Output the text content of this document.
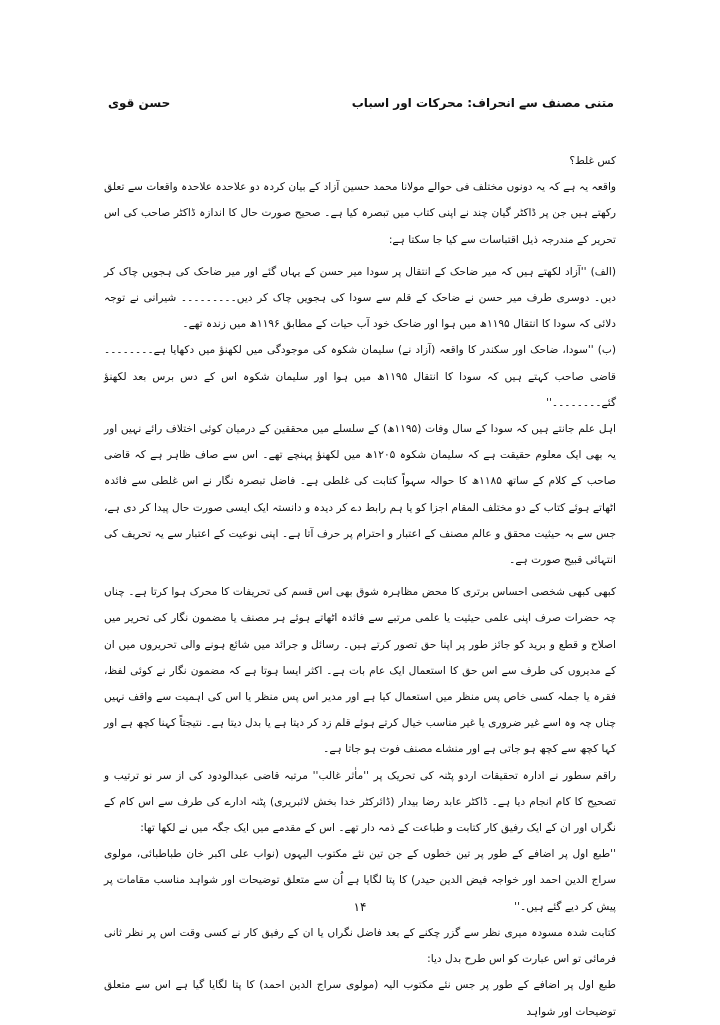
حسن قوی	متنی مصنف سے انحراف: محرکات اور اسباب

کس غلط؟

واقعہ یہ ہے کہ یہ دونوں مختلف فی حوالے مولانا محمد حسین آزاد کے بیان کردہ دو علاحدہ علاحدہ واقعات سے تعلق رکھتے ہیں جن پر ڈاکٹر گیان چند نے اپنی کتاب میں تبصرہ کیا ہے۔ صحیح صورت حال کا اندازہ ڈاکٹر صاحب کی اس تحریر کے مندرجہ ذیل اقتباسات سے کیا جا سکتا ہے:

(الف) ''آزاد لکھتے ہیں کہ میر ضاحک کے انتقال پر سودا میر حسن کے یہاں گئے اور میر ضاحک کی ہجویں چاک کر دیں۔ دوسری طرف میر حسن نے ضاحک کے قلم سے سودا کی ہجویں چاک کر دیں۔۔۔۔۔۔۔۔۔ شیرانی نے توجہ دلائی کہ سودا کا انتقال ۱۱۹۵ھ میں ہوا اور ضاحک خود آب حیات کے مطابق ۱۱۹۶ھ میں زندہ تھے۔

(ب) ''سودا، ضاحک اور سکندر کا واقعہ (آزاد نے) سلیمان شکوہ کی موجودگی میں لکھنؤ میں دکھایا ہے۔۔۔۔۔۔۔۔ قاضی صاحب کہتے ہیں کہ سودا کا انتقال ۱۱۹۵ھ میں ہوا اور سلیمان شکوہ اس کے دس برس بعد لکھنؤ گئے۔۔۔۔۔۔۔۔''

اہل علم جانتے ہیں کہ سودا کے سال وفات (۱۱۹۵ھ) کے سلسلے میں محققین کے درمیان کوئی اختلاف رائے نہیں اور یہ بھی ایک معلوم حقیقت ہے کہ سلیمان شکوہ ۱۲۰۵ھ میں لکھنؤ پہنچے تھے۔ اس سے صاف ظاہر ہے کہ قاضی صاحب کے کلام کے ساتھ ۱۱۸۵ھ کا حوالہ سہواً کتابت کی غلطی ہے۔ فاضل تبصرہ نگار نے اس غلطی سے فائدہ اٹھاتے ہوئے کتاب کے دو مختلف المقام اجزا کو یا ہم رابط دے کر دیدہ و دانستہ ایک ایسی صورت حال پیدا کر دی ہے، جس سے بہ حیثیت محقق و عالم مصنف کے اعتبار و احترام پر حرف آتا ہے۔ اپنی نوعیت کے اعتبار سے یہ تحریف کی انتہائی قبیح صورت ہے۔

کبھی کبھی شخصی احساس برتری کا محض مظاہرہ شوق بھی اس قسم کی تحریفات کا محرک ہوا کرتا ہے۔ چناں چہ حضرات صرف اپنی علمی حیثیت یا علمی مرتبے سے فائدہ اٹھاتے ہوئے ہر مصنف یا مضمون نگار کی تحریر میں اصلاح و قطع و برید کو جائز طور پر اپنا حق تصور کرتے ہیں۔ رسائل و جرائد میں شائع ہونے والی تحریروں میں ان کے مدیروں کی طرف سے اس حق کا استعمال ایک عام بات ہے۔ اکثر ایسا ہوتا ہے کہ مضمون نگار نے کوئی لفظ، فقرہ یا جملہ کسی خاص پس منظر میں استعمال کیا ہے اور مدیر اس پس منظر یا اس کی اہمیت سے واقف نہیں چناں چہ وہ اسے غیر ضروری یا غیر مناسب خیال کرتے ہوئے قلم زد کر دیتا ہے یا بدل دیتا ہے۔ نتیجتاً کہنا کچھ ہے اور کہا کچھ سے کچھ ہو جاتی ہے اور منشاے مصنف فوت ہو جاتا ہے۔

راقم سطور نے ادارہ تحقیقات اردو پٹنہ کی تحریک پر ''ماٰثر غالب'' مرتبہ قاضی عبدالودود کی از سر نو ترتیب و تصحیح کا کام انجام دیا ہے۔ ڈاکٹر عابد رضا بیدار (ڈائرکٹر خدا بخش لائبریری) پٹنہ ادارے کی طرف سے اس کام کے نگراں اور ان کے ایک رفیق کار کتابت و طباعت کے ذمہ دار تھے۔ اس کے مقدمے میں ایک جگہ میں نے لکھا تھا:

''طبع اول پر اضافے کے طور پر تین خطوں کے جن تین نئے مکتوب الیہوں (نواب علی اکبر خان طباطبائی، مولوی سراج الدین احمد اور خواجہ فیض الدین حیدر) کا پتا لگایا ہے اُن سے متعلق توضیحات اور شواہد مناسب مقامات پر پیش کر دیے گئے ہیں۔''

کتابت شدہ مسودہ میری نظر سے گزر چکنے کے بعد فاضل نگراں یا ان کے رفیق کار نے کسی وقت اس پر نظر ثانی فرمائی تو اس عبارت کو اس طرح بدل دیا:

طبع اول پر اضافے کے طور پر جس نئے مکتوب الیہ (مولوی سراج الدین احمد) کا پتا لگایا گیا ہے اس سے متعلق توضیحات اور شواہد

۱۴
